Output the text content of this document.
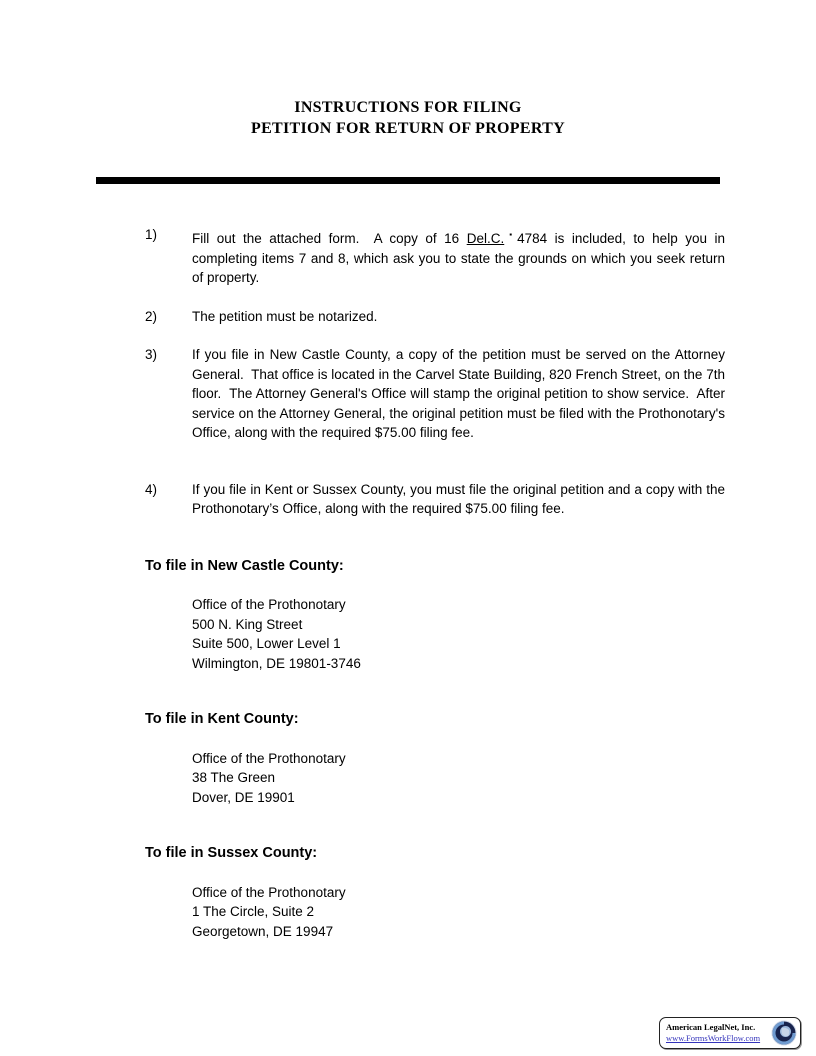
INSTRUCTIONS FOR FILING
PETITION FOR RETURN OF PROPERTY
1)	Fill out the attached form.  A copy of 16 Del.C. ▪ 4784 is included, to help you in completing items 7 and 8, which ask you to state the grounds on which you seek return of property.
2)	The petition must be notarized.
3)	If you file in New Castle County, a copy of the petition must be served on the Attorney General.  That office is located in the Carvel State Building, 820 French Street, on the 7th floor.  The Attorney General's Office will stamp the original petition to show service.  After service on the Attorney General, the original petition must be filed with the Prothonotary's Office, along with the required $75.00 filing fee.
4)	If you file in Kent or Sussex County, you must file the original petition and a copy with the Prothonotary’s Office, along with the required $75.00 filing fee.
To file in New Castle County:
Office of the Prothonotary
500 N. King Street
Suite 500, Lower Level 1
Wilmington, DE 19801-3746
To file in Kent County:
Office of the Prothonotary
38 The Green
Dover, DE 19901
To file in Sussex County:
Office of the Prothonotary
1 The Circle, Suite 2
Georgetown, DE 19947
American LegalNet, Inc.
www.FormsWorkFlow.com
